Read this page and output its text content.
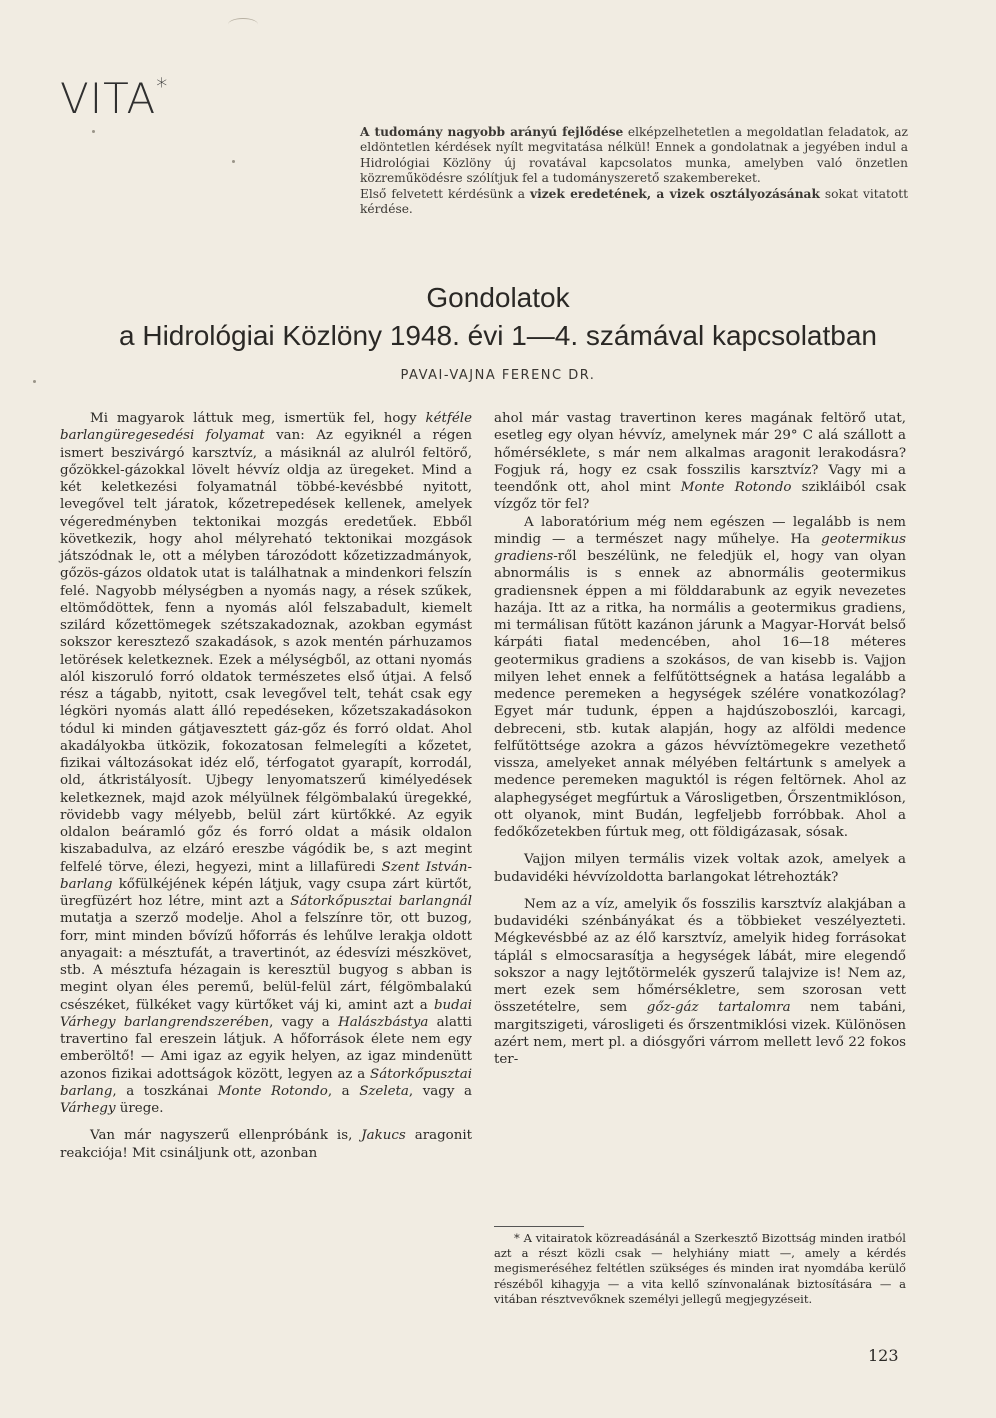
VITA*

A tudomány nagyobb arányú fejlődése elképzelhetetlen a megoldatlan feladatok, az eldöntetlen kérdések nyílt megvitatása nélkül! Ennek a gondolatnak a jegyében indul a Hidrológiai Közlöny új rovatával kapcsolatos munka, amelyben való önzetlen közreműködésre szólítjuk fel a tudományszerető szakembereket.

Első felvetett kérdésünk a vizek eredetének, a vizek osztályozásának sokat vitatott kérdése.

Gondolatok
a Hidrológiai Közlöny 1948. évi 1—4. számával kapcsolatban
PAVAI-VAJNA FERENC DR.

Mi magyarok láttuk meg, ismertük fel, hogy kétféle barlangüregesedési folyamat van: Az egyiknél a régen ismert beszivárgó karsztvíz, a másiknál az alulról feltörő, gőzökkel-gázokkal lövelt hévvíz oldja az üregeket. Mind a két keletkezési folyamatnál többé-kevésbbé nyitott, levegővel telt járatok, kőzetrepedések kellenek, amelyek végeredményben tektonikai mozgás eredetűek. Ebből következik, hogy ahol mélyreható tektonikai mozgások játszódnak le, ott a mélyben tározódott kőzetizzadmányok, gőzös-gázos oldatok utat is találhatnak a mindenkori felszín felé. Nagyobb mélységben a nyomás nagy, a rések szűkek, eltömődöttek, fenn a nyomás alól felszabadult, kiemelt szilárd kőzettömegek szétszakadoznak, azokban egymást sokszor keresztező szakadások, s azok mentén párhuzamos letörések keletkeznek. Ezek a mélységből, az ottani nyomás alól kiszoruló forró oldatok természetes első útjai. A felső rész a tágabb, nyitott, csak levegővel telt, tehát csak egy légköri nyomás alatt álló repedéseken, kőzetszakadásokon tódul ki minden gátjavesztett gáz-gőz és forró oldat. Ahol akadályokba ütközik, fokozatosan felmelegíti a kőzetet, fizikai változásokat idéz elő, térfogatot gyarapít, korrodál, old, átkristályosít. Ujbegy lenyomatszerű kimélyedések keletkeznek, majd azok mélyülnek félgömbalakú üregekké, rövidebb vagy mélyebb, belül zárt kürtőkké. Az egyik oldalon beáramló gőz és forró oldat a másik oldalon kiszabadulva, az elzáró ereszbe vágódik be, s azt megint felfelé törve, élezi, hegyezi, mint a lillafüredi Szent István-barlang kőfülkéjének képén látjuk, vagy csupa zárt kürtőt, üregfüzért hoz létre, mint azt a Sátorkőpusztai barlangnál mutatja a szerző modelje. Ahol a felszínre tör, ott buzog, forr, mint minden bővízű hőforrás és lehűlve lerakja oldott anyagait: a mésztufát, a travertinót, az édesvízi mészkövet, stb. A mésztufa hézagain is keresztül bugyog s abban is megint olyan éles peremű, belül-felül zárt, félgömbalakú csészéket, fülkéket vagy kürtőket váj ki, amint azt a budai Várhegy barlangrendszerében, vagy a Halászbástya alatti travertino fal ereszein látjuk. A hőforrások élete nem egy emberöltő! — Ami igaz az egyik helyen, az igaz mindenütt azonos fizikai adottságok között, legyen az a Sátorkőpusztai barlang, a toszkánai Monte Rotondo, a Szeleta, vagy a Várhegy ürege.

Van már nagyszerű ellenpróbánk is, Jakucs aragonit reakciója! Mit csináljunk ott, azonban

ahol már vastag travertinon keres magának feltörő utat, esetleg egy olyan hévvíz, amelynek már 29° C alá szállott a hőmérséklete, s már nem alkalmas aragonit lerakodásra? Fogjuk rá, hogy ez csak fosszilis karsztvíz? Vagy mi a teendőnk ott, ahol mint Monte Rotondo szikláiból csak vízgőz tör fel?

A laboratórium még nem egészen — legalább is nem mindig — a természet nagy műhelye. Ha geotermikus gradiens-ről beszélünk, ne feledjük el, hogy van olyan abnormális is s ennek az abnormális geotermikus gradiensnek éppen a mi földdarabunk az egyik nevezetes hazája. Itt az a ritka, ha normális a geotermikus gradiens, mi termálisan fűtött kazánon járunk a Magyar-Horvát belső kárpáti fiatal medencében, ahol 16—18 méteres geotermikus gradiens a szokásos, de van kisebb is. Vajjon milyen lehet ennek a felfűtöttségnek a hatása legalább a medence peremeken a hegységek szélére vonatkozólag? Egyet már tudunk, éppen a hajdúszoboszlói, karcagi, debreceni, stb. kutak alapján, hogy az alföldi medence felfűtöttsége azokra a gázos hévvíztömegekre vezethető vissza, amelyeket annak mélyében feltártunk s amelyek a medence peremeken maguktól is régen feltörnek. Ahol az alaphegységet megfúrtuk a Városligetben, Őrszentmiklóson, ott olyanok, mint Budán, legfeljebb forróbbak. Ahol a fedőkőzetekben fúrtuk meg, ott földigázasak, sósak.

Vajjon milyen termális vizek voltak azok, amelyek a budavidéki hévvízoldotta barlangokat létrehozták?

Nem az a víz, amelyik ős fosszilis karsztvíz alakjában a budavidéki szénbányákat és a többieket veszélyezteti. Mégkevésbbé az az élő karsztvíz, amelyik hideg forrásokat táplál s elmocsarasítja a hegységek lábát, mire elegendő sokszor a nagy lejtőtörmelék gyszerű talajvize is! Nem az, mert ezek sem hőmérsékletre, sem szorosan vett összetételre, sem gőz-gáz tartalomra nem tabáni, margitszigeti, városligeti és őrszentmiklósi vizek. Különösen azért nem, mert pl. a diósgyőri várrom mellett levő 22 fokos ter-

* A vitairatok közreadásánál a Szerkesztő Bizottság minden iratból azt a részt közli csak — helyhiány miatt —, amely a kérdés megismeréséhez feltétlen szükséges és minden irat nyomdába kerülő részéből kihagyja — a vita kellő színvonalának biztosítására — a vitában résztvevőknek személyi jellegű megjegyzéseit.

123
